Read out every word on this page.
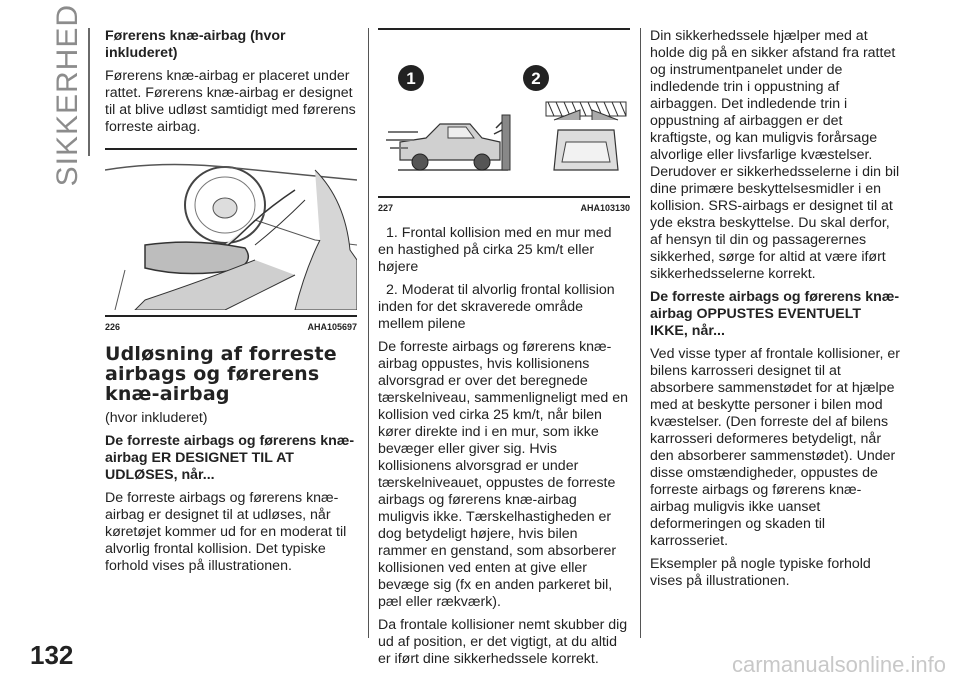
SIKKERHED Førerens knæ-airbag (hvor inkluderet)

Førerens knæ-airbag er placeret under rattet. Førerens knæ-airbag er designet til at blive udløst samtidigt med førerens forreste airbag.

226	AHA105697

Udløsning af forreste airbags og førerens knæ-airbag

(hvor inkluderet)

De forreste airbags og førerens knæ-airbag ER DESIGNET TIL AT UDLØSES, når...

De forreste airbags og førerens knæ-airbag er designet til at udløses, når køretøjet kommer ud for en moderat til alvorlig frontal kollision. Det typiske forhold vises på illustrationen.

1	2
227	AHA103130

1. Frontal kollision med en mur med en hastighed på cirka 25 km/t eller højere

2. Moderat til alvorlig frontal kollision inden for det skraverede område mellem pilene

De forreste airbags og førerens knæ-airbag oppustes, hvis kollisionens alvorsgrad er over det beregnede tærskelniveau, sammenligneligt med en kollision ved cirka 25 km/t, når bilen kører direkte ind i en mur, som ikke bevæger eller giver sig. Hvis kollisionens alvorsgrad er under tærskelniveauet, oppustes de forreste airbags og førerens knæ-airbag muligvis ikke. Tærskelhastigheden er dog betydeligt højere, hvis bilen rammer en genstand, som absorberer kollisionen ved enten at give eller bevæge sig (fx en anden parkeret bil, pæl eller rækværk).

Da frontale kollisioner nemt skubber dig ud af position, er det vigtigt, at du altid er iført dine sikkerhedssele korrekt.

Din sikkerhedssele hjælper med at holde dig på en sikker afstand fra rattet og instrumentpanelet under de indledende trin i oppustning af airbaggen. Det indledende trin i oppustning af airbaggen er det kraftigste, og kan muligvis forårsage alvorlige eller livsfarlige kvæstelser. Derudover er sikkerhedsselerne i din bil dine primære beskyttelsesmidler i en kollision. SRS-airbags er designet til at yde ekstra beskyttelse. Du skal derfor, af hensyn til din og passagerernes sikkerhed, sørge for altid at være iført sikkerhedsselerne korrekt.

De forreste airbags og førerens knæ-airbag OPPUSTES EVENTUELT IKKE, når...

Ved visse typer af frontale kollisioner, er bilens karrosseri designet til at absorbere sammenstødet for at hjælpe med at beskytte personer i bilen mod kvæstelser. (Den forreste del af bilens karrosseri deformeres betydeligt, når den absorberer sammenstødet). Under disse omstændigheder, oppustes de forreste airbags og førerens knæ-airbag muligvis ikke uanset deformeringen og skaden til karrosseriet.

Eksempler på nogle typiske forhold vises på illustrationen.

132	carmanualsonline.info
